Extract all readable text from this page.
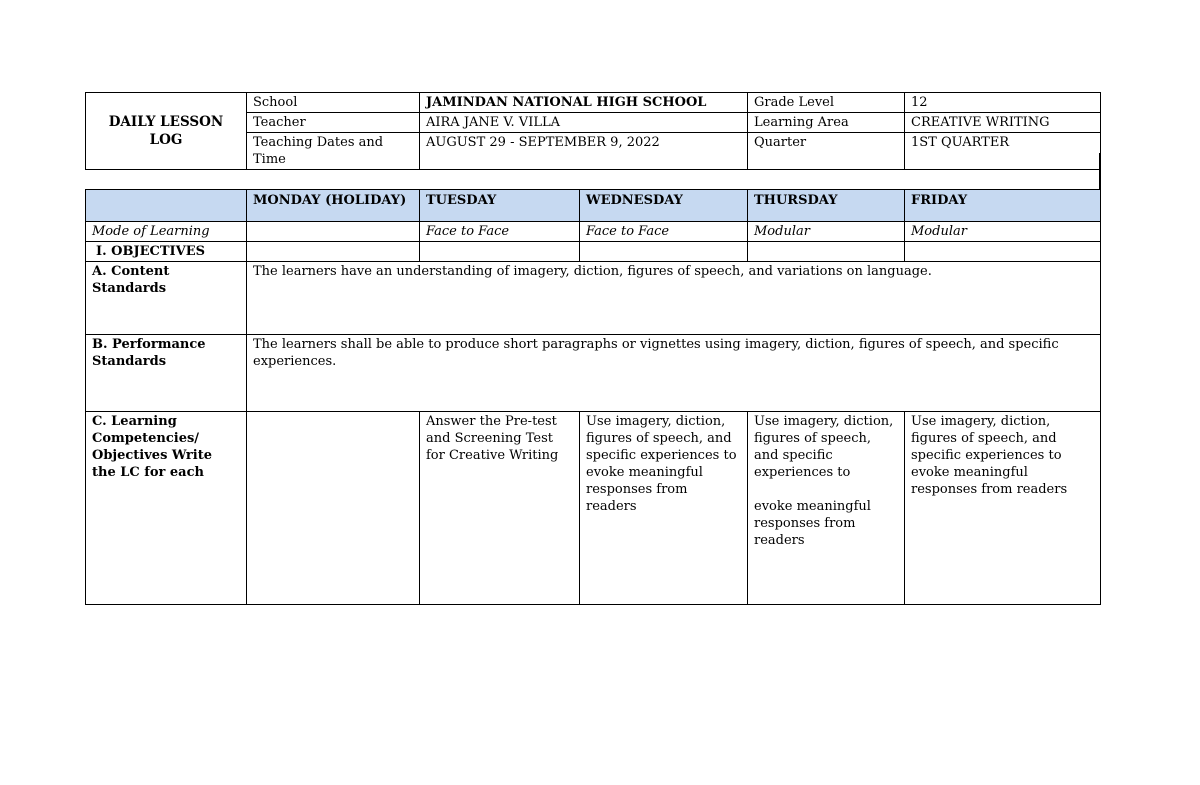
DAILY LESSON LOG	School	JAMINDAN NATIONAL HIGH SCHOOL	Grade Level	12
	Teacher	AIRA JANE V. VILLA	Learning Area	CREATIVE WRITING
	Teaching Dates and Time	AUGUST 29 - SEPTEMBER 9, 2022	Quarter	1ST QUARTER
	MONDAY (HOLIDAY)	TUESDAY	WEDNESDAY	THURSDAY	FRIDAY
Mode of Learning		Face to Face	Face to Face	Modular	Modular
I. OBJECTIVES					
A. Content Standards	The learners have an understanding of imagery, diction, figures of speech, and variations on language.				
B. Performance Standards	The learners shall be able to produce short paragraphs or vignettes using imagery, diction, figures of speech, and specific experiences.				
C. Learning Competencies/ Objectives Write the LC for each		Answer the Pre-test and Screening Test for Creative Writing	Use imagery, diction, figures of speech, and specific experiences to evoke meaningful responses from readers	Use imagery, diction, figures of speech, and specific experiences to

evoke meaningful responses from readers	Use imagery, diction, figures of speech, and specific experiences to
evoke meaningful responses from readers
